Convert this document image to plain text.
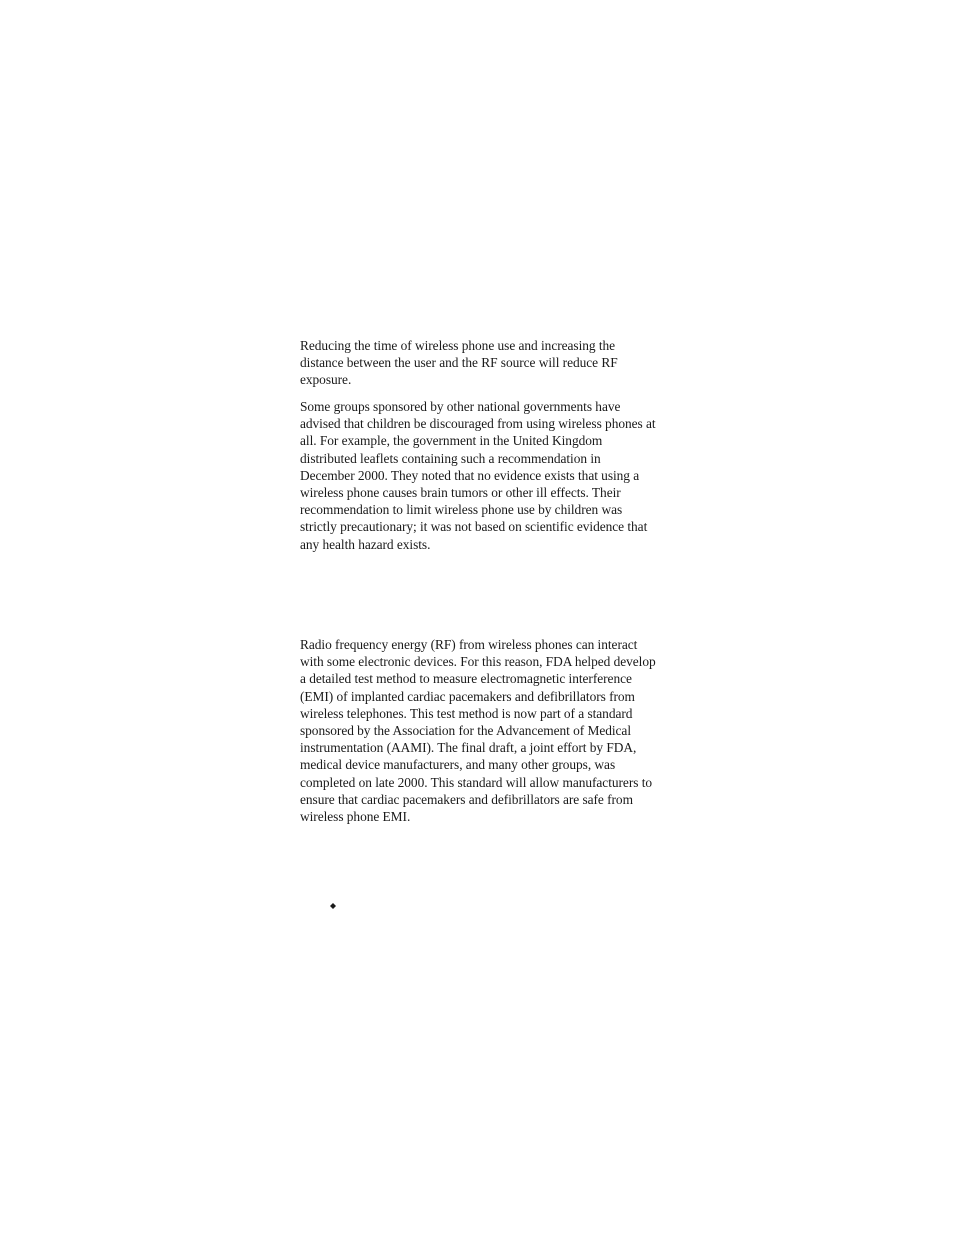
Reducing the time of wireless phone use and increasing the distance between the user and the RF source will reduce RF exposure.

Some groups sponsored by other national governments have advised that children be discouraged from using wireless phones at all. For example, the government in the United Kingdom distributed leaflets containing such a recommendation in December 2000. They noted that no evidence exists that using a wireless phone causes brain tumors or other ill effects. Their recommendation to limit wireless phone use by children was strictly precautionary; it was not based on scientific evidence that any health hazard exists.

Radio frequency energy (RF) from wireless phones can interact with some electronic devices. For this reason, FDA helped develop a detailed test method to measure electromagnetic interference (EMI) of implanted cardiac pacemakers and defibrillators from wireless telephones. This test method is now part of a standard sponsored by the Association for the Advancement of Medical instrumentation (AAMI). The final draft, a joint effort by FDA, medical device manufacturers, and many other groups, was completed on late 2000. This standard will allow manufacturers to ensure that cardiac pacemakers and defibrillators are safe from wireless phone EMI.
